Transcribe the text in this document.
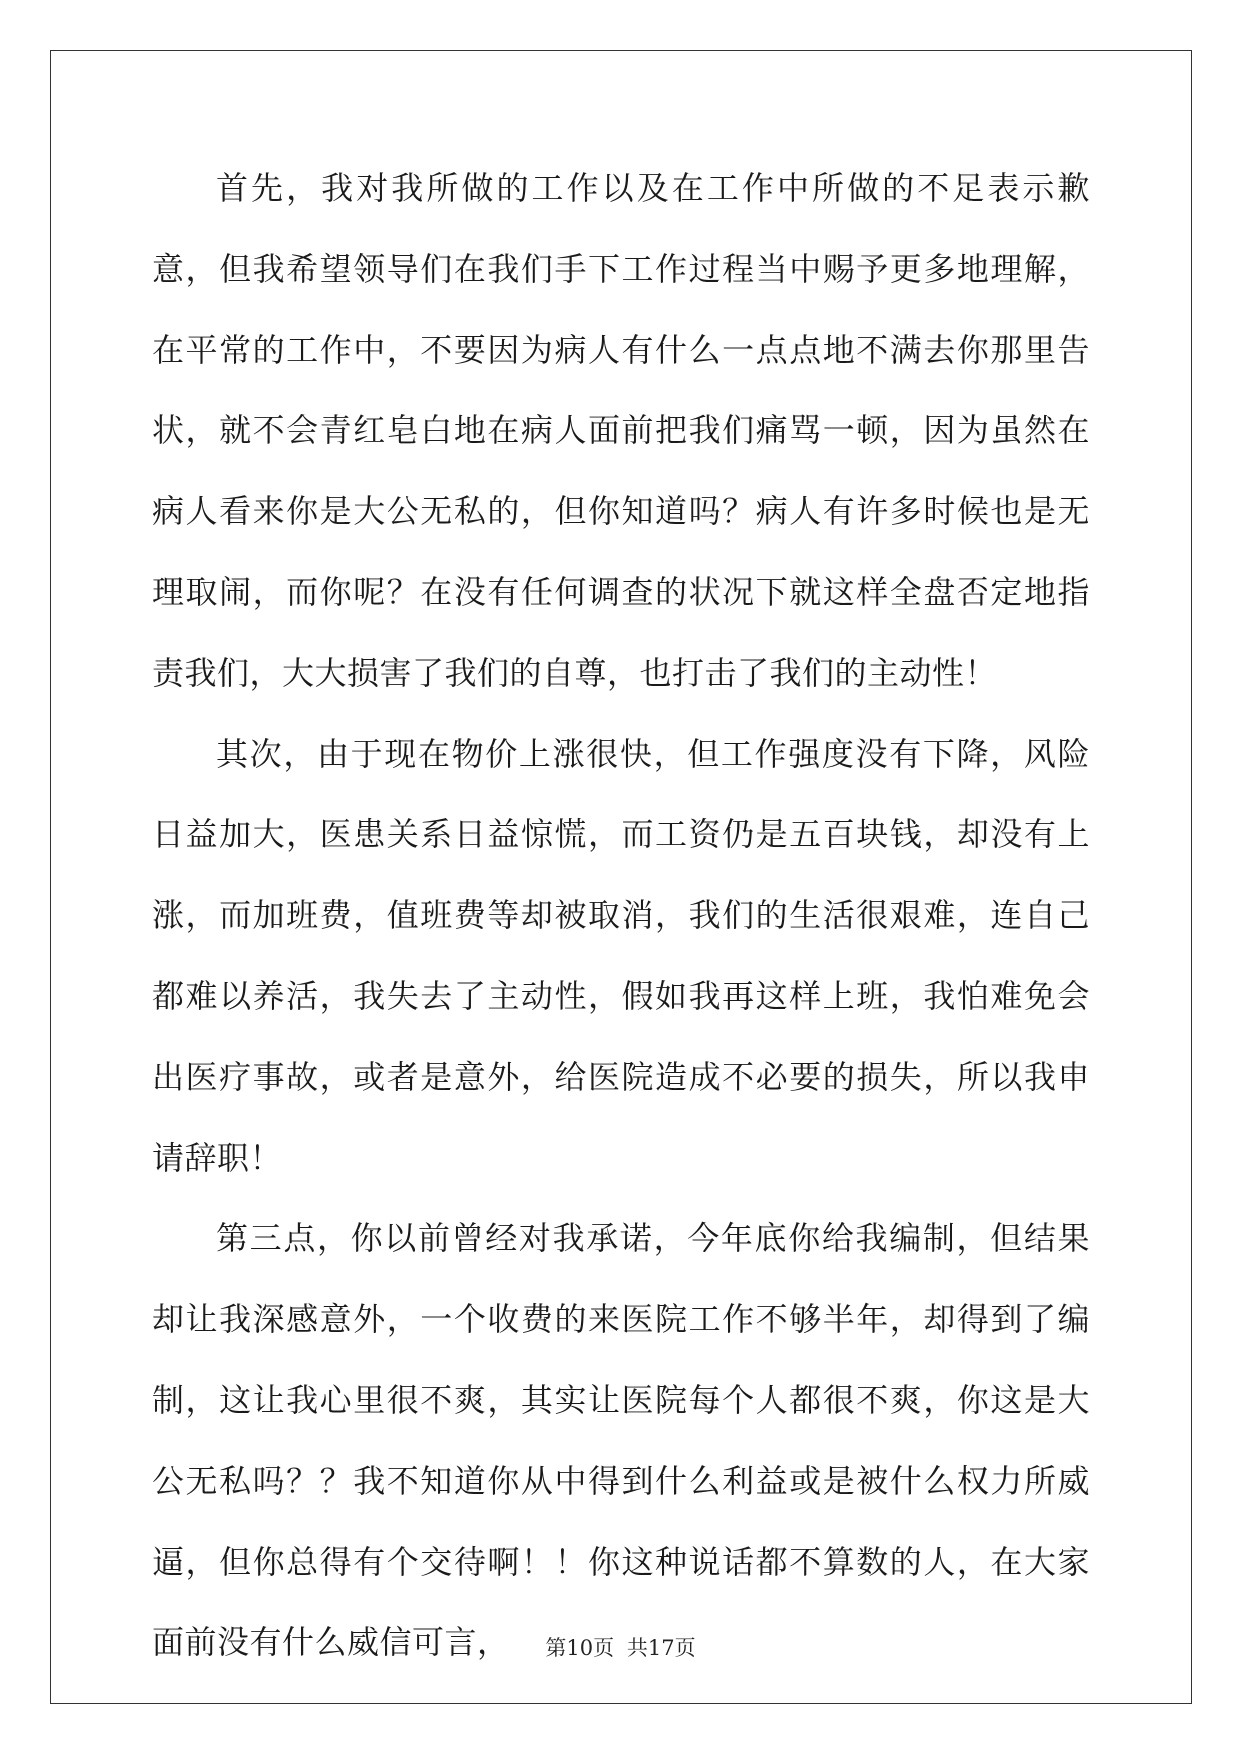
首先，我对我所做的工作以及在工作中所做的不足表示歉意，但我希望领导们在我们手下工作过程当中赐予更多地理解，在平常的工作中，不要因为病人有什么一点点地不满去你那里告状，就不会青红皂白地在病人面前把我们痛骂一顿，因为虽然在病人看来你是大公无私的，但你知道吗？病人有许多时候也是无理取闹，而你呢？在没有任何调查的状况下就这样全盘否定地指责我们，大大损害了我们的自尊，也打击了我们的主动性！

其次，由于现在物价上涨很快，但工作强度没有下降，风险日益加大，医患关系日益惊慌，而工资仍是五百块钱，却没有上涨，而加班费，值班费等却被取消，我们的生活很艰难，连自己都难以养活，我失去了主动性，假如我再这样上班，我怕难免会出医疗事故，或者是意外，给医院造成不必要的损失，所以我申请辞职！

第三点，你以前曾经对我承诺，今年底你给我编制，但结果却让我深感意外，一个收费的来医院工作不够半年，却得到了编制，这让我心里很不爽，其实让医院每个人都很不爽，你这是大公无私吗？？我不知道你从中得到什么利益或是被什么权力所威逼，但你总得有个交待啊！！你这种说话都不算数的人，在大家面前没有什么威信可言，	第10页 共17页
